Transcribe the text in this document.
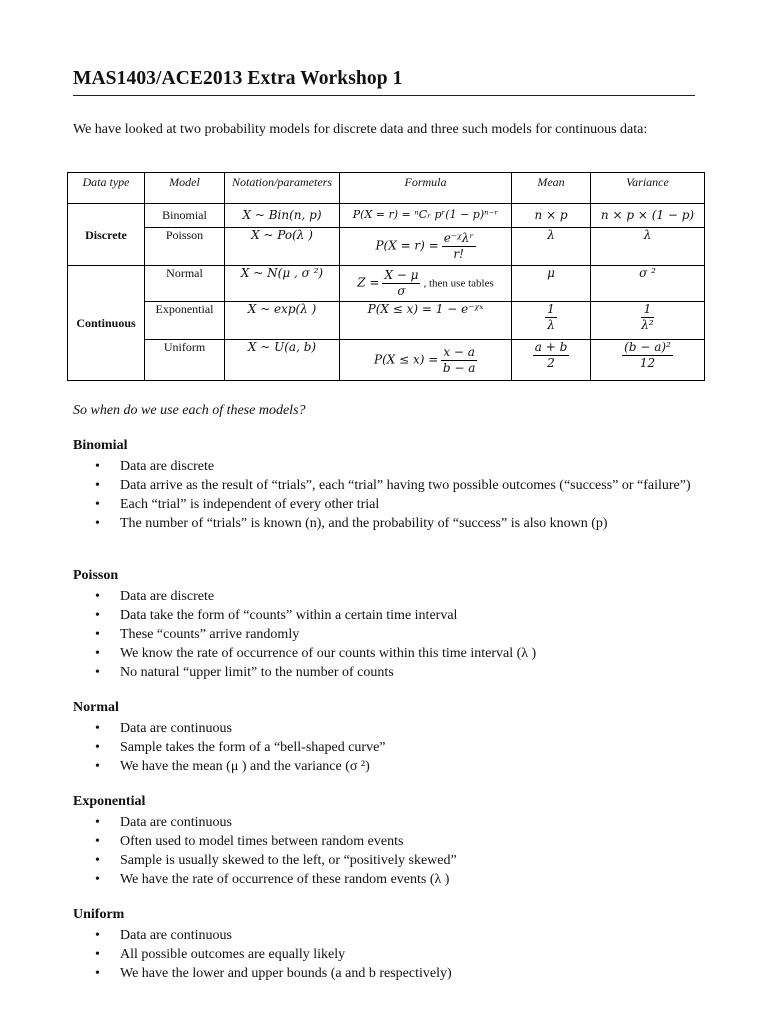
MAS1403/ACE2013 Extra Workshop 1

We have looked at two probability models for discrete data and three such models for continuous data:

Data type	Model	Notation/parameters	Formula	Mean	Variance
Discrete	Binomial	X ~ Bin(n, p)	P(X = r) = ⁿCᵣ pʳ(1 − p)ⁿ⁻ʳ	n × p	n × p × (1 − p)
	Poisson	X ~ Po(λ )	$P(X = r) = \frac{\text{e⁻ᵡλʳ}}{r!}$	λ	λ
Continuous	Normal	X ~ N(μ , σ ²)	$Z = \frac{X - \mu}{\sigma}$ , then use tables	μ	σ ²
	Exponential	X ~ exp(λ )	P(X ≤ x) = 1 − e⁻ᵡˣ	$\frac{1}{\lambda}$	$\frac{1}{\text{λ²}}$

	Uniform	X ~ U(a, b)	$P(X \le x) = \frac{x - a}{b - a}$	$\frac{a + b}{2}$	$\frac{\text{(b − a)²}}{12}$

So when do we use each of these models?

Binomial

• Data are discrete
• Data arrive as the result of “trials”, each “trial” having two possible outcomes (“success” or “failure”)
• Each “trial” is independent of every other trial
• The number of “trials” is known (n), and the probability of “success” is also known (p)

Poisson

• Data are discrete
• Data take the form of “counts” within a certain time interval
• These “counts” arrive randomly
• We know the rate of occurrence of our counts within this time interval (λ )
• No natural “upper limit” to the number of counts

Normal

• Data are continuous
• Sample takes the form of a “bell-shaped curve”
• We have the mean (μ ) and the variance (σ ²)

Exponential

• Data are continuous
• Often used to model times between random events
• Sample is usually skewed to the left, or “positively skewed”
• We have the rate of occurrence of these random events (λ )

Uniform

• Data are continuous
• All possible outcomes are equally likely
• We have the lower and upper bounds (a and b respectively)
